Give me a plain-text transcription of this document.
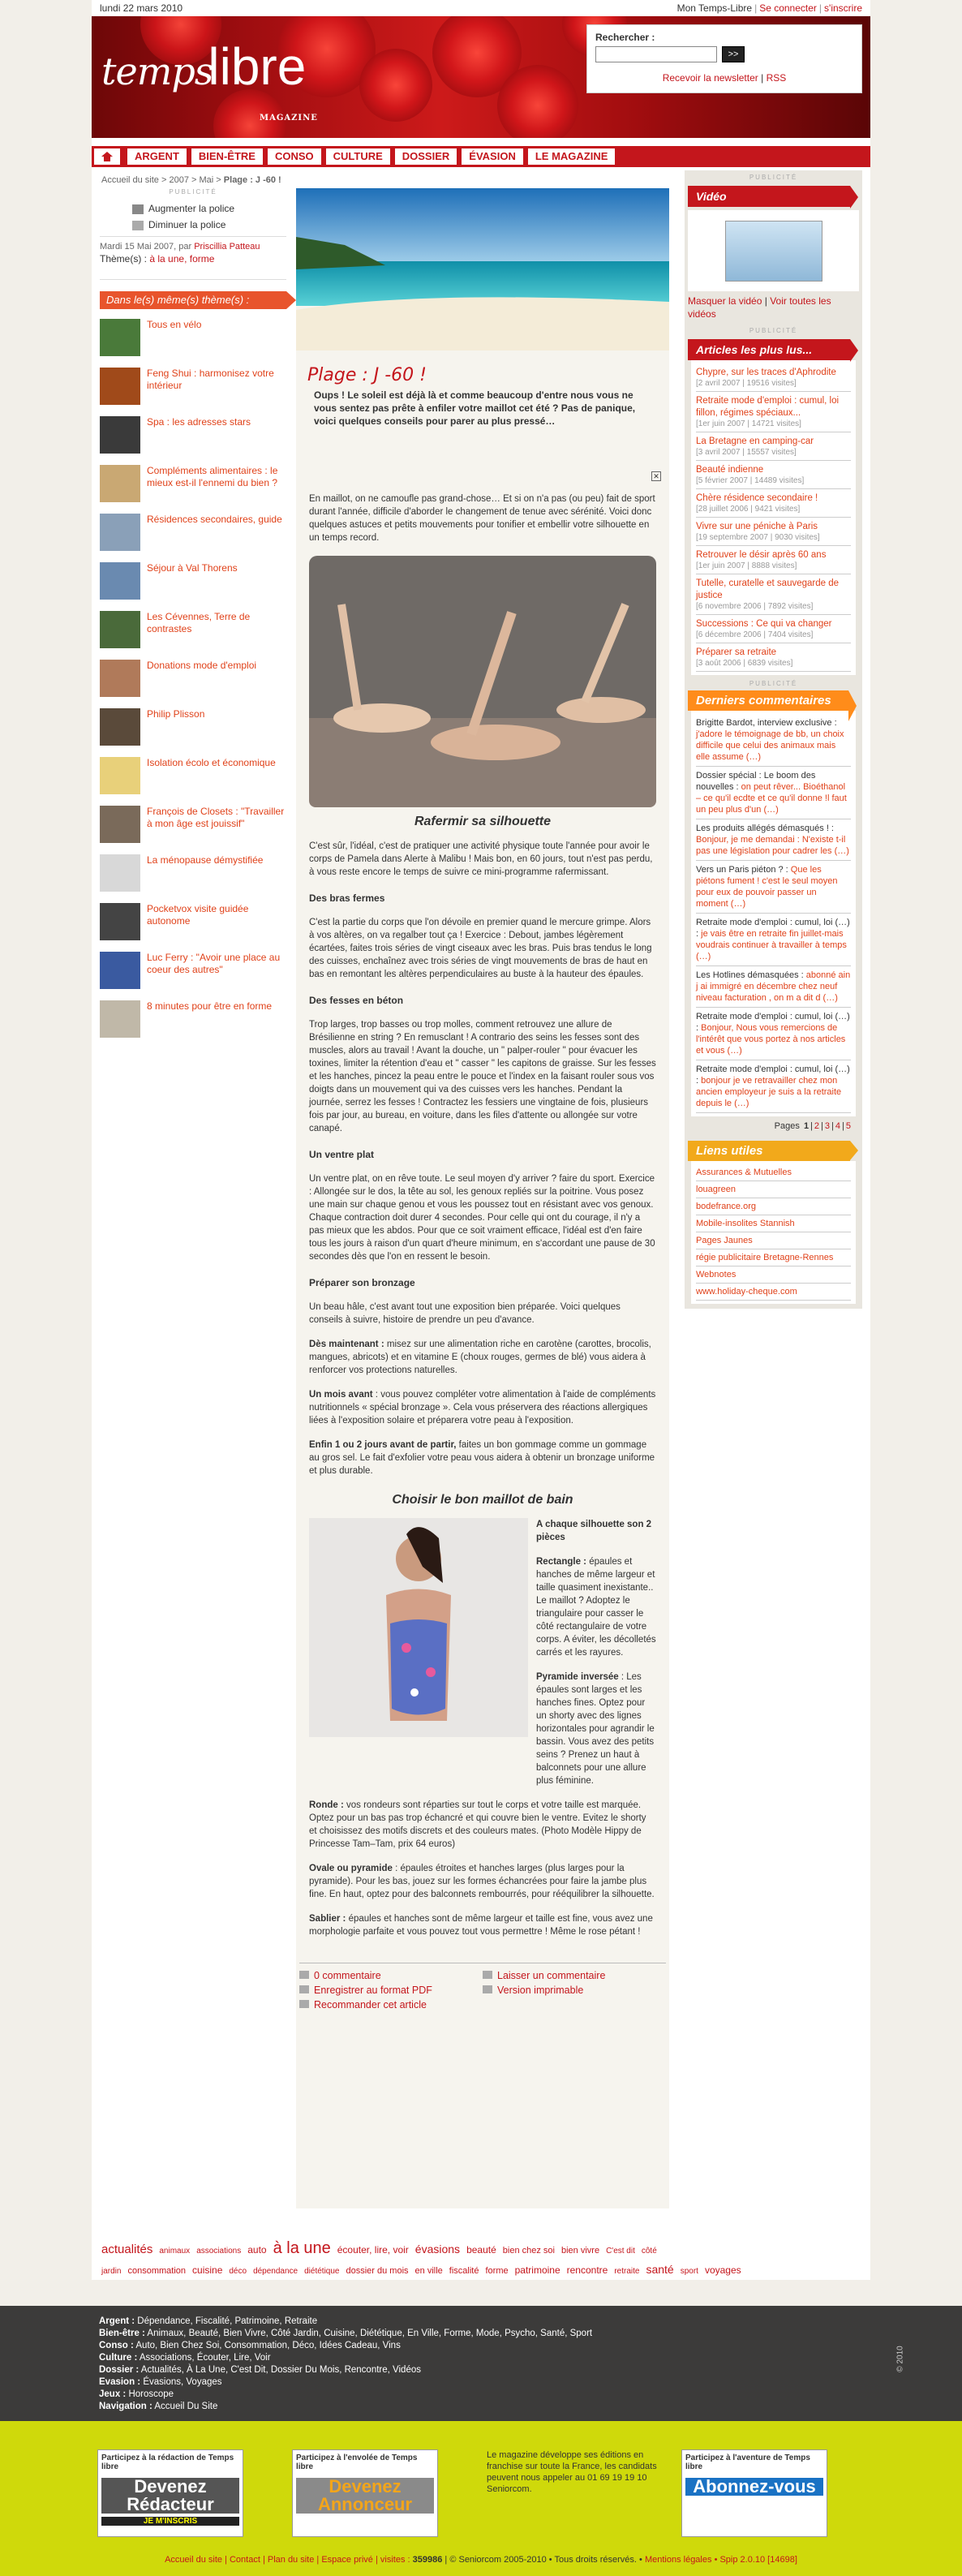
lundi 22 mars 2010	Mon Temps-Libre | Se connecter | s'inscrire
tempslibre
MAGAZINE
Rechercher :
>>
Recevoir la newsletter | RSS
ARGENT	BIEN-ÊTRE	CONSO	CULTURE	DOSSIER	ÉVASION	LE MAGAZINE
Accueil du site > 2007 > Mai > Plage : J -60 !
PUBLICITÉ
Augmenter la police
Diminuer la police
Mardi 15 Mai 2007, par Priscillia Patteau
Thème(s) : à la une, forme
Dans le(s) même(s) thème(s) :
Tous en vélo
Feng Shui : harmonisez votre intérieur
Spa : les adresses stars
Compléments alimentaires : le mieux est-il l'ennemi du bien ?
Résidences secondaires, guide
Séjour à Val Thorens
Les Cévennes, Terre de contrastes
Donations mode d'emploi
Philip Plisson
Isolation écolo et économique
François de Closets : "Travailler à mon âge est jouissif"
La ménopause démystifiée
Pocketvox visite guidée autonome
Luc Ferry : "Avoir une place au coeur des autres"
8 minutes pour être en forme
Plage : J -60 !
Oups ! Le soleil est déjà là et comme beaucoup d'entre nous vous ne vous sentez pas prête à enfiler votre maillot cet été ? Pas de panique, voici quelques conseils pour parer au plus pressé…
✕

En maillot, on ne camoufle pas grand-chose… Et si on n'a pas (ou peu) fait de sport durant l'année, difficile d'aborder le changement de tenue avec sérénité. Voici donc quelques astuces et petits mouvements pour tonifier et embellir votre silhouette en un temps record.

Rafermir sa silhouette

C'est sûr, l'idéal, c'est de pratiquer une activité physique toute l'année pour avoir le corps de Pamela dans Alerte à Malibu ! Mais bon, en 60 jours, tout n'est pas perdu, à vous reste encore le temps de suivre ce mini-programme rafermissant.

Des bras fermes

C'est la partie du corps que l'on dévoile en premier quand le mercure grimpe. Alors à vos altères, on va regalber tout ça ! Exercice : Debout, jambes légèrement écartées, faites trois séries de vingt ciseaux avec les bras. Puis bras tendus le long des cuisses, enchaînez avec trois séries de vingt mouvements de bras de haut en bas en remontant les altères perpendiculaires au buste à la hauteur des épaules.

Des fesses en béton

Trop larges, trop basses ou trop molles, comment retrouvez une allure de Brésilienne en string ? En remusclant ! A contrario des seins les fesses sont des muscles, alors au travail ! Avant la douche, un " palper-rouler " pour évacuer les toxines, limiter la rétention d'eau et " casser " les capitons de graisse. Sur les fesses et les hanches, pincez la peau entre le pouce et l'index en la faisant rouler sous vos doigts dans un mouvement qui va des cuisses vers les hanches. Pendant la journée, serrez les fesses ! Contractez les fessiers une vingtaine de fois, plusieurs fois par jour, au bureau, en voiture, dans les files d'attente ou allongée sur votre canapé.

Un ventre plat

Un ventre plat, on en rêve toute. Le seul moyen d'y arriver ? faire du sport. Exercice : Allongée sur le dos, la tête au sol, les genoux repliés sur la poitrine. Vous posez une main sur chaque genou et vous les poussez tout en résistant avec vos genoux. Chaque contraction doit durer 4 secondes. Pour celle qui ont du courage, il n'y a pas mieux que les abdos. Pour que ce soit vraiment efficace, l'idéal est d'en faire tous les jours à raison d'un quart d'heure minimum, en s'accordant une pause de 30 secondes dès que l'on en ressent le besoin.

Préparer son bronzage

Un beau hâle, c'est avant tout une exposition bien préparée. Voici quelques conseils à suivre, histoire de prendre un peu d'avance.

Dès maintenant : misez sur une alimentation riche en carotène (carottes, brocolis, mangues, abricots) et en vitamine E (choux rouges, germes de blé) vous aidera à renforcer vos protections naturelles.

Un mois avant : vous pouvez compléter votre alimentation à l'aide de compléments nutritionnels « spécial bronzage ». Cela vous préservera des réactions allergiques liées à l'exposition solaire et préparera votre peau à l'exposition.

Enfin 1 ou 2 jours avant de partir, faites un bon gommage comme un gommage au gros sel. Le fait d'exfolier votre peau vous aidera à obtenir un bronzage uniforme et plus durable.

Choisir le bon maillot de bain
A chaque silhouette son 2 pièces

Rectangle : épaules et hanches de même largeur et taille quasiment inexistante.. Le maillot ? Adoptez le triangulaire pour casser le côté rectangulaire de votre corps. A éviter, les décolletés carrés et les rayures.

Pyramide inversée : Les épaules sont larges et les hanches fines. Optez pour un shorty avec des lignes horizontales pour agrandir le bassin. Vous avez des petits seins ? Prenez un haut à balconnets pour une allure plus féminine.

Ronde : vos rondeurs sont réparties sur tout le corps et votre taille est marquée. Optez pour un bas pas trop échancré et qui couvre bien le ventre. Evitez le shorty et choisissez des motifs discrets et des couleurs mates. (Photo Modèle Hippy de Princesse Tam–Tam, prix 64 euros)

Ovale ou pyramide : épaules étroites et hanches larges (plus larges pour la pyramide). Pour les bas, jouez sur les formes échancrées pour faire la jambe plus fine. En haut, optez pour des balconnets rembourrés, pour rééquilibrer la silhouette.

Sablier : épaules et hanches sont de même largeur et taille est fine, vous avez une morphologie parfaite et vous pouvez tout vous permettre ! Même le rose pétant !

0 commentaire	Laisser un commentaire
Enregistrer au format PDF	Version imprimable
Recommander cet article
PUBLICITÉ
Vidéo
Masquer la vidéo | Voir toutes les vidéos
PUBLICITÉ
Articles les plus lus...
Chypre, sur les traces d'Aphrodite
[2 avril 2007 | 19516 visites]
Retraite mode d'emploi : cumul, loi fillon, régimes spéciaux...
[1er juin 2007 | 14721 visites]
La Bretagne en camping-car
[3 avril 2007 | 15557 visites]
Beauté indienne
[5 février 2007 | 14489 visites]
Chère résidence secondaire !
[28 juillet 2006 | 9421 visites]
Vivre sur une péniche à Paris
[19 septembre 2007 | 9030 visites]
Retrouver le désir après 60 ans
[1er juin 2007 | 8888 visites]
Tutelle, curatelle et sauvegarde de justice
[6 novembre 2006 | 7892 visites]
Successions : Ce qui va changer
[6 décembre 2006 | 7404 visites]
Préparer sa retraite
[3 août 2006 | 6839 visites]
PUBLICITÉ
Derniers commentaires
Brigitte Bardot, interview exclusive : j'adore le témoignage de bb, un choix difficile que celui des animaux mais elle assume (…)
Dossier spécial : Le boom des nouvelles : on peut rêver... Bioéthanol – ce qu'il ecdte et ce qu'il donne !l faut un peu plus d'un (…)
Les produits allégés démasqués ! : Bonjour, je me demandai : N'existe t-il pas une législation pour cadrer les (…)
Vers un Paris piéton ? : Que les piétons fument ! c'est le seul moyen pour eux de pouvoir passer un moment (…)
Retraite mode d'emploi : cumul, loi (…) : je vais être en retraite fin juillet-mais voudrais continuer à travailler à temps (…)
Les Hotlines démasquées : abonné ain j ai immigré en décembre chez neuf niveau facturation , on m a dit d (…)
Retraite mode d'emploi : cumul, loi (…) : Bonjour, Nous vous remercions de l'intérêt que vous portez à nos articles et vous (…)
Retraite mode d'emploi : cumul, loi (…) : bonjour je ve retravailler chez mon ancien employeur je suis a la retraite depuis le (…)
Pages 1 | 2 | 3 | 4 | 5
Liens utiles
Assurances & Mutuelles
louagreen
bodefrance.org
Mobile-insolites Stannish
Pages Jaunes
régie publicitaire Bretagne-Rennes
Webnotes
www.holiday-cheque.com
actualités animaux associations auto à la une écouter, lire, voir évasions beauté bien chez soi bien vivre C'est dit côté jardin consommation cuisine déco dépendance diététique dossier du mois en ville fiscalité forme patrimoine rencontre retraite santé sport voyages
Argent : Dépendance, Fiscalité, Patrimoine, Retraite
Bien-être : Animaux, Beauté, Bien Vivre, Côté Jardin, Cuisine, Diététique, En Ville, Forme, Mode, Psycho, Santé, Sport
Conso : Auto, Bien Chez Soi, Consommation, Déco, Idées Cadeau, Vins
Culture : Associations, Écouter, Lire, Voir
Dossier : Actualités, À La Une, C'est Dit, Dossier Du Mois, Rencontre, Vidéos
Evasion : Évasions, Voyages
Jeux : Horoscope
Navigation : Accueil Du Site
© 2010
Participez à la rédaction de Temps libre
Devenez Rédacteur
JE M'INSCRIS
Participez à l'envolée de Temps libre
Devenez Annonceur
Le magazine développe ses éditions en franchise sur toute la France, les candidats peuvent nous appeler au 01 69 19 19 10 Seniorcom.
Participez à l'aventure de Temps libre
Abonnez-vous
Accueil du site | Contact | Plan du site | Espace privé | visites : 359986 | © Seniorcom 2005-2010 • Tous droits réservés. • Mentions légales • Spip 2.0.10 [14698]
